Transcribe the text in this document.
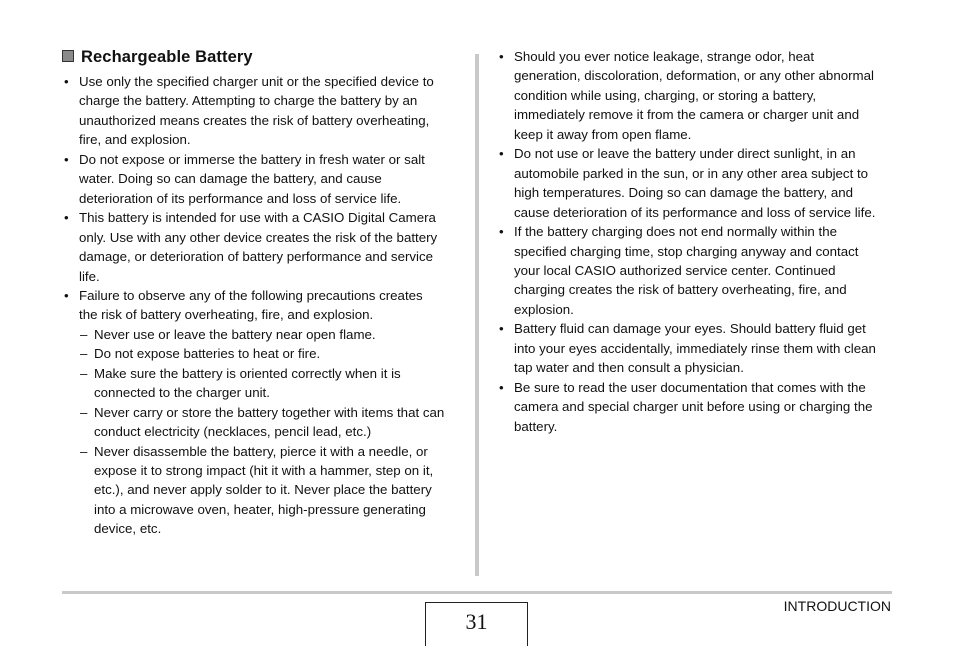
Rechargeable Battery
• Use only the specified charger unit or the specified device to
charge the battery. Attempting to charge the battery by an
unauthorized means creates the risk of battery overheating,
fire, and explosion.
• Do not expose or immerse the battery in fresh water or salt
water. Doing so can damage the battery, and cause
deterioration of its performance and loss of service life.
• This battery is intended for use with a CASIO Digital Camera
only. Use with any other device creates the risk of the battery
damage, or deterioration of battery performance and service
life.
• Failure to observe any of the following precautions creates
the risk of battery overheating, fire, and explosion.
– Never use or leave the battery near open flame.
– Do not expose batteries to heat or fire.
– Make sure the battery is oriented correctly when it is
connected to the charger unit.
– Never carry or store the battery together with items that can
conduct electricity (necklaces, pencil lead, etc.)
– Never disassemble the battery, pierce it with a needle, or
expose it to strong impact (hit it with a hammer, step on it,
etc.), and never apply solder to it. Never place the battery
into a microwave oven, heater, high-pressure generating
device, etc.
• Should you ever notice leakage, strange odor, heat
generation, discoloration, deformation, or any other abnormal
condition while using, charging, or storing a battery,
immediately remove it from the camera or charger unit and
keep it away from open flame.
• Do not use or leave the battery under direct sunlight, in an
automobile parked in the sun, or in any other area subject to
high temperatures. Doing so can damage the battery, and
cause deterioration of its performance and loss of service life.
• If the battery charging does not end normally within the
specified charging time, stop charging anyway and contact
your local CASIO authorized service center. Continued
charging creates the risk of battery overheating, fire, and
explosion.
• Battery fluid can damage your eyes. Should battery fluid get
into your eyes accidentally, immediately rinse them with clean
tap water and then consult a physician.
• Be sure to read the user documentation that comes with the
camera and special charger unit before using or charging the
battery.
31
INTRODUCTION
